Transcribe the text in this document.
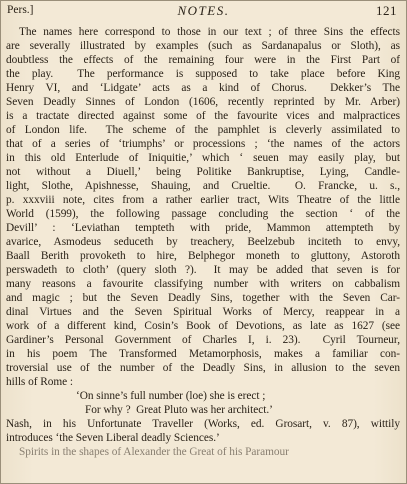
Pers.]	NOTES.	121
The names here correspond to those in our text ; of three Sins the effects
are severally illustrated by examples (such as Sardanapalus or Sloth), as
doubtless the effects of the remaining four were in the First Part of
the play.  The performance is supposed to take place before King
Henry VI, and ‘Lidgate’ acts as a kind of Chorus.  Dekker’s The
Seven Deadly Sinnes of London (1606, recently reprinted by Mr. Arber)
is a tractate directed against some of the favourite vices and malpractices
of London life.  The scheme of the pamphlet is cleverly assimilated to
that of a series of ‘triumphs’ or processions ; ‘the names of the actors
in this old Enterlude of Iniquitie,’ which ‘ seuen may easily play, but
not without a Diuell,’ being Politike Bankruptise, Lying, Candle-
light, Slothe, Apishnesse, Shauing, and Crueltie.  O. Francke, u. s.,
p. xxxviii note, cites from a rather earlier tract, Wits Theatre of the little
World (1599), the following passage concluding the section ‘ of the
Devill’ : ‘Leviathan tempteth with pride, Mammon attempteth by
avarice, Asmodeus seduceth by treachery, Beelzebub inciteth to envy,
Baall Berith provoketh to hire, Belphegor moneth to gluttony, Astoroth
perswadeth to cloth’ (query sloth ?).  It may be added that seven is for
many reasons a favourite classifying number with writers on cabbalism
and magic ; but the Seven Deadly Sins, together with the Seven Car-
dinal Virtues and the Seven Spiritual Works of Mercy, reappear in a
work of a different kind, Cosin’s Book of Devotions, as late as 1627 (see
Gardiner’s Personal Government of Charles I, i. 23).  Cyril Tourneur,
in his poem The Transformed Metamorphosis, makes a familiar con-
troversial use of the number of the Deadly Sins, in allusion to the seven
hills of Rome :
‘On sinne’s full number (loe) she is erect ;
For why ?  Great Pluto was her architect.’
Nash, in his Unfortunate Traveller (Works, ed. Grosart, v. 87), wittily
introduces ‘the Seven Liberal deadly Sciences.’
Spirits in the shapes of Alexander the Great of his Paramour
